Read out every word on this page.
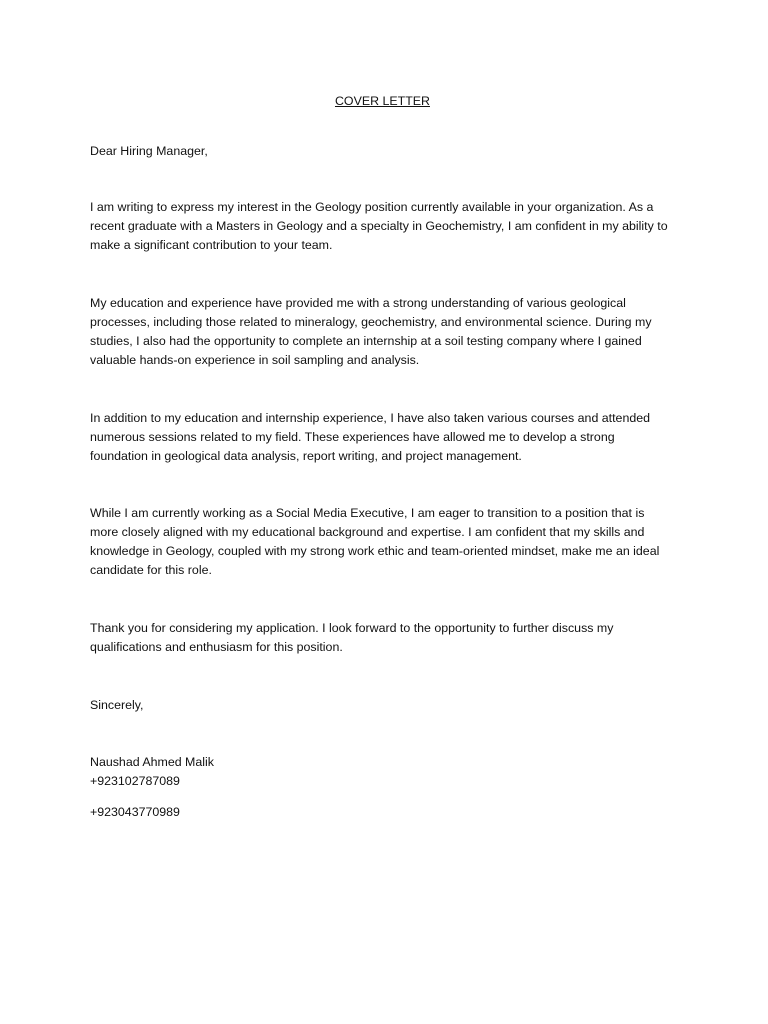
COVER LETTER

Dear Hiring Manager,

I am writing to express my interest in the Geology position currently available in your organization. As a recent graduate with a Masters in Geology and a specialty in Geochemistry, I am confident in my ability to make a significant contribution to your team.

My education and experience have provided me with a strong understanding of various geological processes, including those related to mineralogy, geochemistry, and environmental science. During my studies, I also had the opportunity to complete an internship at a soil testing company where I gained valuable hands-on experience in soil sampling and analysis.

In addition to my education and internship experience, I have also taken various courses and attended numerous sessions related to my field. These experiences have allowed me to develop a strong foundation in geological data analysis, report writing, and project management.

While I am currently working as a Social Media Executive, I am eager to transition to a position that is more closely aligned with my educational background and expertise. I am confident that my skills and knowledge in Geology, coupled with my strong work ethic and team-oriented mindset, make me an ideal candidate for this role.

Thank you for considering my application. I look forward to the opportunity to further discuss my qualifications and enthusiasm for this position.

Sincerely,

Naushad Ahmed Malik

+923102787089

+923043770989
